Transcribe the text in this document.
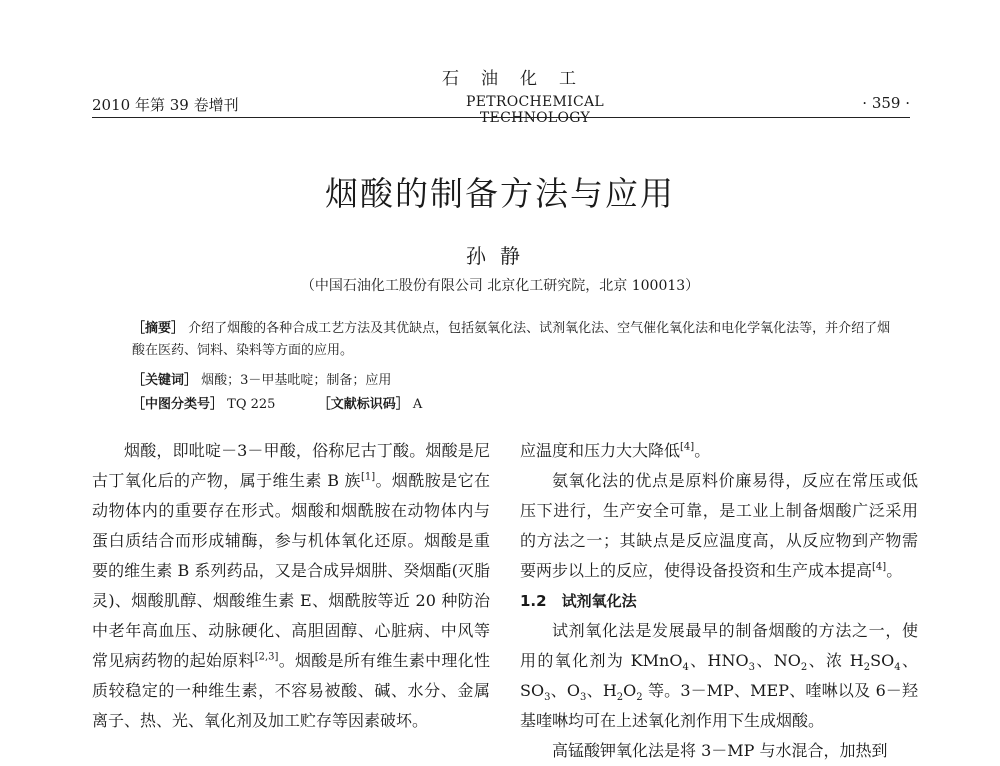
2010 年第 39 卷增刊
石油化工
PETROCHEMICAL TECHNOLOGY
· 359 ·
烟酸的制备方法与应用
孙静
（中国石油化工股份有限公司 北京化工研究院，北京 100013）
［摘要］ 介绍了烟酸的各种合成工艺方法及其优缺点，包括氨氧化法、试剂氧化法、空气催化氧化法和电化学氧化法等，并介绍了烟酸在医药、饲料、染料等方面的应用。
［关键词］ 烟酸；3－甲基吡啶；制备；应用
［中图分类号］ TQ 225	［文献标识码］ A

烟酸，即吡啶－3－甲酸，俗称尼古丁酸。烟酸是尼古丁氧化后的产物，属于维生素 B 族[1]。烟酰胺是它在动物体内的重要存在形式。烟酸和烟酰胺在动物体内与蛋白质结合而形成辅酶，参与机体氧化还原。烟酸是重要的维生素 B 系列药品，又是合成异烟肼、癸烟酯(灭脂灵)、烟酸肌醇、烟酸维生素 E、烟酰胺等近 20 种防治中老年高血压、动脉硬化、高胆固醇、心脏病、中风等常见病药物的起始原料[2,3]。烟酸是所有维生素中理化性质较稳定的一种维生素，不容易被酸、碱、水分、金属离子、热、光、氧化剂及加工贮存等因素破坏。

应温度和压力大大降低[4]。

氨氧化法的优点是原料价廉易得，反应在常压或低压下进行，生产安全可靠，是工业上制备烟酸广泛采用的方法之一；其缺点是反应温度高，从反应物到产物需要两步以上的反应，使得设备投资和生产成本提高[4]。

1.2　试剂氧化法

试剂氧化法是发展最早的制备烟酸的方法之一，使用的氧化剂为 KMnO$_4$、$HNO_3$、$NO_2$、浓 $H_2SO_4$、$SO_3$、$O_3$、$H_2O_2$ 等。3－MP、MEP、喹啉以及 6－羟基喹啉均可在上述氧化剂作用下生成烟酸。

高锰酸钾氧化法是将 3－MP 与水混合，加热到
